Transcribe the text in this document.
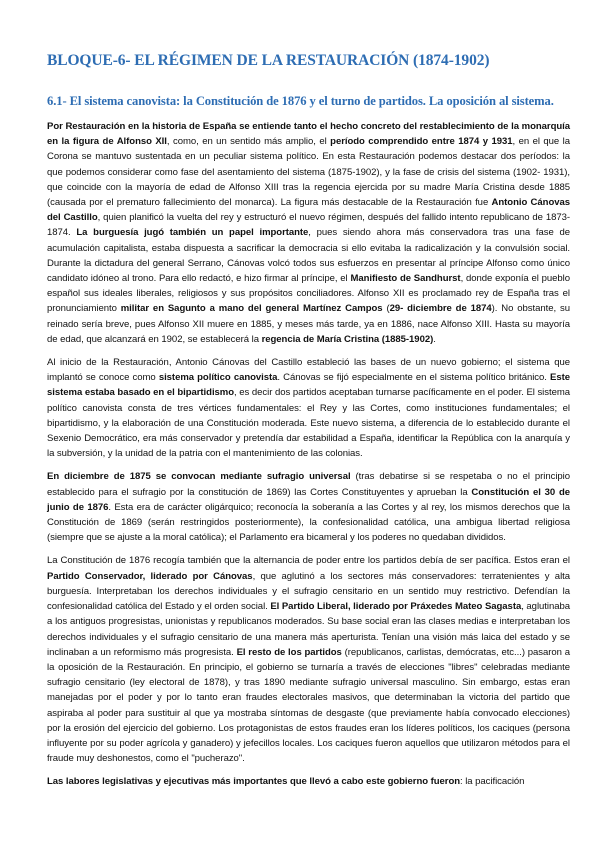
BLOQUE-6- EL RÉGIMEN DE LA RESTAURACIÓN (1874-1902)
6.1- El sistema canovista: la Constitución de 1876 y el turno de partidos. La oposición al sistema.

Por Restauración en la historia de España se entiende tanto el hecho concreto del restablecimiento de la monarquía en la figura de Alfonso XII, como, en un sentido más amplio, el período comprendido entre 1874 y 1931, en el que la Corona se mantuvo sustentada en un peculiar sistema político. En esta Restauración podemos destacar dos períodos: la que podemos considerar como fase del asentamiento del sistema (1875-1902), y la fase de crisis del sistema (1902- 1931), que coincide con la mayoría de edad de Alfonso XIII tras la regencia ejercida por su madre María Cristina desde 1885 (causada por el prematuro fallecimiento del monarca). La figura más destacable de la Restauración fue Antonio Cánovas del Castillo, quien planificó la vuelta del rey y estructuró el nuevo régimen, después del fallido intento republicano de 1873-1874. La burguesía jugó también un papel importante, pues siendo ahora más conservadora tras una fase de acumulación capitalista, estaba dispuesta a sacrificar la democracia si ello evitaba la radicalización y la convulsión social. Durante la dictadura del general Serrano, Cánovas volcó todos sus esfuerzos en presentar al príncipe Alfonso como único candidato idóneo al trono. Para ello redactó, e hizo firmar al príncipe, el Manifiesto de Sandhurst, donde exponía el pueblo español sus ideales liberales, religiosos y sus propósitos conciliadores. Alfonso XII es proclamado rey de España tras el pronunciamiento militar en Sagunto a mano del general Martínez Campos (29- diciembre de 1874). No obstante, su reinado sería breve, pues Alfonso XII muere en 1885, y meses más tarde, ya en 1886, nace Alfonso XIII. Hasta su mayoría de edad, que alcanzará en 1902, se establecerá la regencia de María Cristina (1885-1902).

Al inicio de la Restauración, Antonio Cánovas del Castillo estableció las bases de un nuevo gobierno; el sistema que implantó se conoce como sistema político canovista. Cánovas se fijó especialmente en el sistema político británico. Este sistema estaba basado en el bipartidismo, es decir dos partidos aceptaban turnarse pacíficamente en el poder. El sistema político canovista consta de tres vértices fundamentales: el Rey y las Cortes, como instituciones fundamentales; el bipartidismo, y la elaboración de una Constitución moderada. Este nuevo sistema, a diferencia de lo establecido durante el Sexenio Democrático, era más conservador y pretendía dar estabilidad a España, identificar la República con la anarquía y la subversión, y la unidad de la patria con el mantenimiento de las colonias.

En diciembre de 1875 se convocan mediante sufragio universal (tras debatirse si se respetaba o no el principio establecido para el sufragio por la constitución de 1869) las Cortes Constituyentes y aprueban la Constitución el 30 de junio de 1876. Esta era de carácter oligárquico; reconocía la soberanía a las Cortes y al rey, los mismos derechos que la Constitución de 1869 (serán restringidos posteriormente), la confesionalidad católica, una ambigua libertad religiosa (siempre que se ajuste a la moral católica); el Parlamento era bicameral y los poderes no quedaban divididos.

La Constitución de 1876 recogía también que la alternancia de poder entre los partidos debía de ser pacífica. Estos eran el Partido Conservador, liderado por Cánovas, que aglutinó a los sectores más conservadores: terratenientes y alta burguesía. Interpretaban los derechos individuales y el sufragio censitario en un sentido muy restrictivo. Defendían la confesionalidad católica del Estado y el orden social. El Partido Liberal, liderado por Práxedes Mateo Sagasta, aglutinaba a los antiguos progresistas, unionistas y republicanos moderados. Su base social eran las clases medias e interpretaban los derechos individuales y el sufragio censitario de una manera más aperturista. Tenían una visión más laica del estado y se inclinaban a un reformismo más progresista. El resto de los partidos (republicanos, carlistas, demócratas, etc...) pasaron a la oposición de la Restauración. En principio, el gobierno se turnaría a través de elecciones "libres" celebradas mediante sufragio censitario (ley electoral de 1878), y tras 1890 mediante sufragio universal masculino. Sin embargo, estas eran manejadas por el poder y por lo tanto eran fraudes electorales masivos, que determinaban la victoria del partido que aspiraba al poder para sustituir al que ya mostraba síntomas de desgaste (que previamente había convocado elecciones) por la erosión del ejercicio del gobierno. Los protagonistas de estos fraudes eran los líderes políticos, los caciques (persona influyente por su poder agrícola y ganadero) y jefecillos locales. Los caciques fueron aquellos que utilizaron métodos para el fraude muy deshonestos, como el "pucherazo".

Las labores legislativas y ejecutivas más importantes que llevó a cabo este gobierno fueron: la pacificación
